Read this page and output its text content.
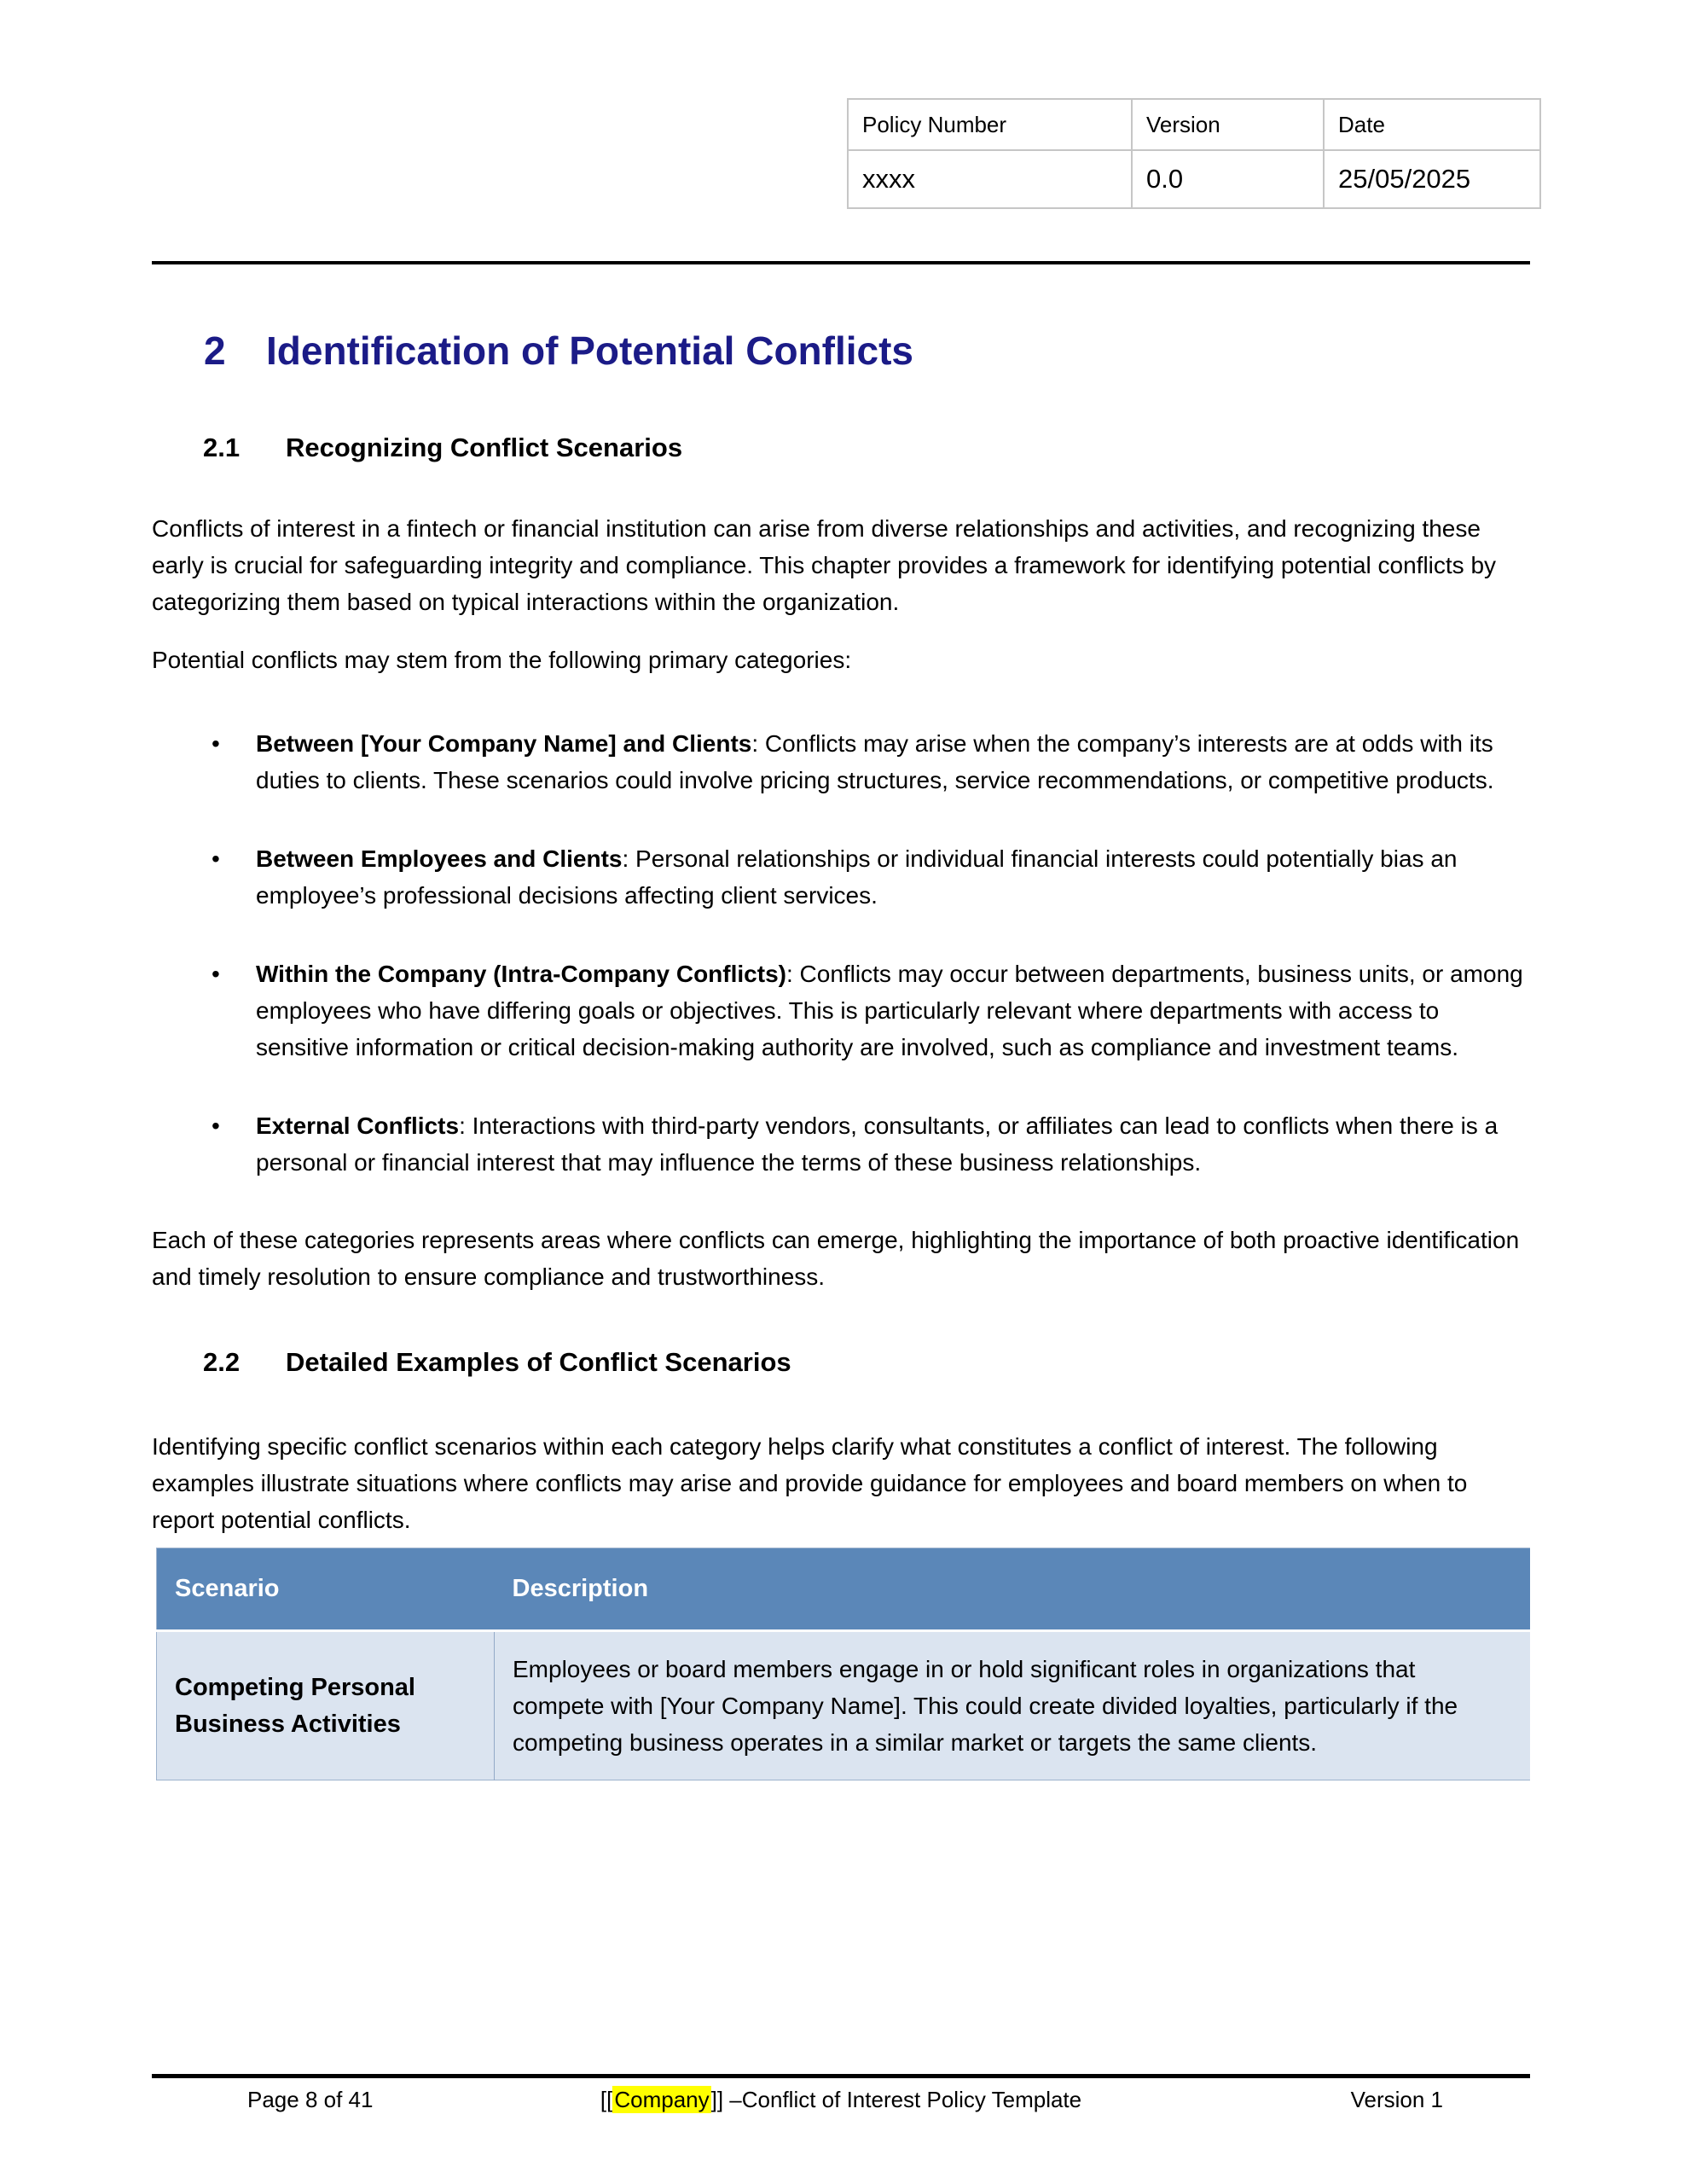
Policy Number	Version	Date
xxxx	0.0	25/05/2025
2	Identification of Potential Conflicts
2.1	Recognizing Conflict Scenarios

Conflicts of interest in a fintech or financial institution can arise from diverse relationships and activities, and recognizing these early is crucial for safeguarding integrity and compliance. This chapter provides a framework for identifying potential conflicts by categorizing them based on typical interactions within the organization.

Potential conflicts may stem from the following primary categories:

• Between [Your Company Name] and Clients: Conflicts may arise when the company’s interests are at odds with its duties to clients. These scenarios could involve pricing structures, service recommendations, or competitive products.
• Between Employees and Clients: Personal relationships or individual financial interests could potentially bias an employee’s professional decisions affecting client services.
• Within the Company (Intra-Company Conflicts): Conflicts may occur between departments, business units, or among employees who have differing goals or objectives. This is particularly relevant where departments with access to sensitive information or critical decision-making authority are involved, such as compliance and investment teams.
• External Conflicts: Interactions with third-party vendors, consultants, or affiliates can lead to conflicts when there is a personal or financial interest that may influence the terms of these business relationships.

Each of these categories represents areas where conflicts can emerge, highlighting the importance of both proactive identification and timely resolution to ensure compliance and trustworthiness.

2.2	Detailed Examples of Conflict Scenarios

Identifying specific conflict scenarios within each category helps clarify what constitutes a conflict of interest. The following examples illustrate situations where conflicts may arise and provide guidance for employees and board members on when to report potential conflicts.

Scenario	Description
Competing Personal Business Activities	Employees or board members engage in or hold significant roles in organizations that compete with [Your Company Name]. This could create divided loyalties, particularly if the competing business operates in a similar market or targets the same clients.
Page 8 of 41	[[Company]] –Conflict of Interest Policy Template	Version 1
